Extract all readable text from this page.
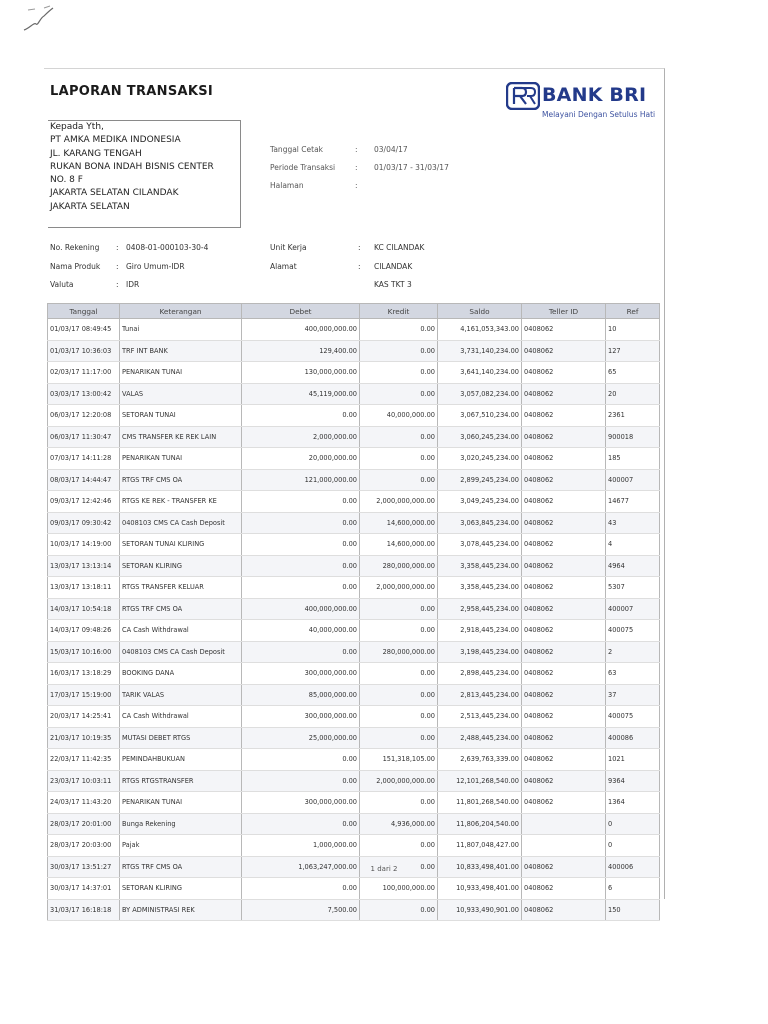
LAPORAN TRANSAKSI	BANK BRI
Melayani Dengan Setulus Hati
Kepada Yth,
PT AMKA MEDIKA INDONESIA
JL. KARANG TENGAH
RUKAN BONA INDAH BISNIS CENTER
NO. 8 F
JAKARTA SELATAN CILANDAK
JAKARTA SELATAN
Tanggal Cetak	: 03/04/17
Periode Transaksi	: 01/03/17 - 31/03/17
Halaman	:
No. Rekening : 0408-01-000103-30-4
Nama Produk : Giro Umum-IDR
Valuta	: IDR
Unit Kerja	: KC CILANDAK
Alamat	: CILANDAK
KAS TKT 3
Tanggal	Keterangan	Debet	Kredit	Saldo	Teller ID	Ref
01/03/17 08:49:45	Tunai	400,000,000.00	0.00	4,161,053,343.00	0408062	10
01/03/17 10:36:03	TRF INT BANK	129,400.00	0.00	3,731,140,234.00	0408062	127
02/03/17 11:17:00	PENARIKAN TUNAI	130,000,000.00	0.00	3,641,140,234.00	0408062	65
03/03/17 13:00:42	VALAS	45,119,000.00	0.00	3,057,082,234.00	0408062	20
06/03/17 12:20:08	SETORAN TUNAI	0.00	40,000,000.00	3,067,510,234.00	0408062	2361
06/03/17 11:30:47	CMS TRANSFER KE REK LAIN	2,000,000.00	0.00	3,060,245,234.00	0408062	900018
07/03/17 14:11:28	PENARIKAN TUNAI	20,000,000.00	0.00	3,020,245,234.00	0408062	185
08/03/17 14:44:47	RTGS TRF CMS OA	121,000,000.00	0.00	2,899,245,234.00	0408062	400007
09/03/17 12:42:46	RTGS KE REK - TRANSFER KE	0.00	2,000,000,000.00	3,049,245,234.00	0408062	14677
09/03/17 09:30:42	0408103 CMS CA Cash Deposit	0.00	14,600,000.00	3,063,845,234.00	0408062	43
10/03/17 14:19:00	SETORAN TUNAI KLIRING	0.00	14,600,000.00	3,078,445,234.00	0408062	4
13/03/17 13:13:14	SETORAN KLIRING	0.00	280,000,000.00	3,358,445,234.00	0408062	4964
13/03/17 13:18:11	RTGS TRANSFER KELUAR	0.00	2,000,000,000.00	3,358,445,234.00	0408062	5307
14/03/17 10:54:18	RTGS TRF CMS OA	400,000,000.00	0.00	2,958,445,234.00	0408062	400007
14/03/17 09:48:26	CA Cash Withdrawal	40,000,000.00	0.00	2,918,445,234.00	0408062	400075
15/03/17 10:16:00	0408103 CMS CA Cash Deposit	0.00	280,000,000.00	3,198,445,234.00	0408062	2
16/03/17 13:18:29	BOOKING DANA	300,000,000.00	0.00	2,898,445,234.00	0408062	63
17/03/17 15:19:00	TARIK VALAS	85,000,000.00	0.00	2,813,445,234.00	0408062	37
20/03/17 14:25:41	CA Cash Withdrawal	300,000,000.00	0.00	2,513,445,234.00	0408062	400075
21/03/17 10:19:35	MUTASI DEBET RTGS	25,000,000.00	0.00	2,488,445,234.00	0408062	400086
22/03/17 11:42:35	PEMINDAHBUKUAN	0.00	151,318,105.00	2,639,763,339.00	0408062	1021
23/03/17 10:03:11	RTGS RTGSTRANSFER	0.00	2,000,000,000.00	12,101,268,540.00	0408062	9364
24/03/17 11:43:20	PENARIKAN TUNAI	300,000,000.00	0.00	11,801,268,540.00	0408062	1364
28/03/17 20:01:00	Bunga Rekening	0.00	4,936,000.00	11,806,204,540.00		0
28/03/17 20:03:00	Pajak	1,000,000.00	0.00	11,807,048,427.00		0
30/03/17 13:51:27	RTGS TRF CMS OA	1,063,247,000.00	0.00	10,833,498,401.00	0408062	400006
30/03/17 14:37:01	SETORAN KLIRING	0.00	100,000,000.00	10,933,498,401.00	0408062	6
31/03/17 16:18:18	BY ADMINISTRASI REK	7,500.00	0.00	10,933,490,901.00	0408062	150
1 dari 2
